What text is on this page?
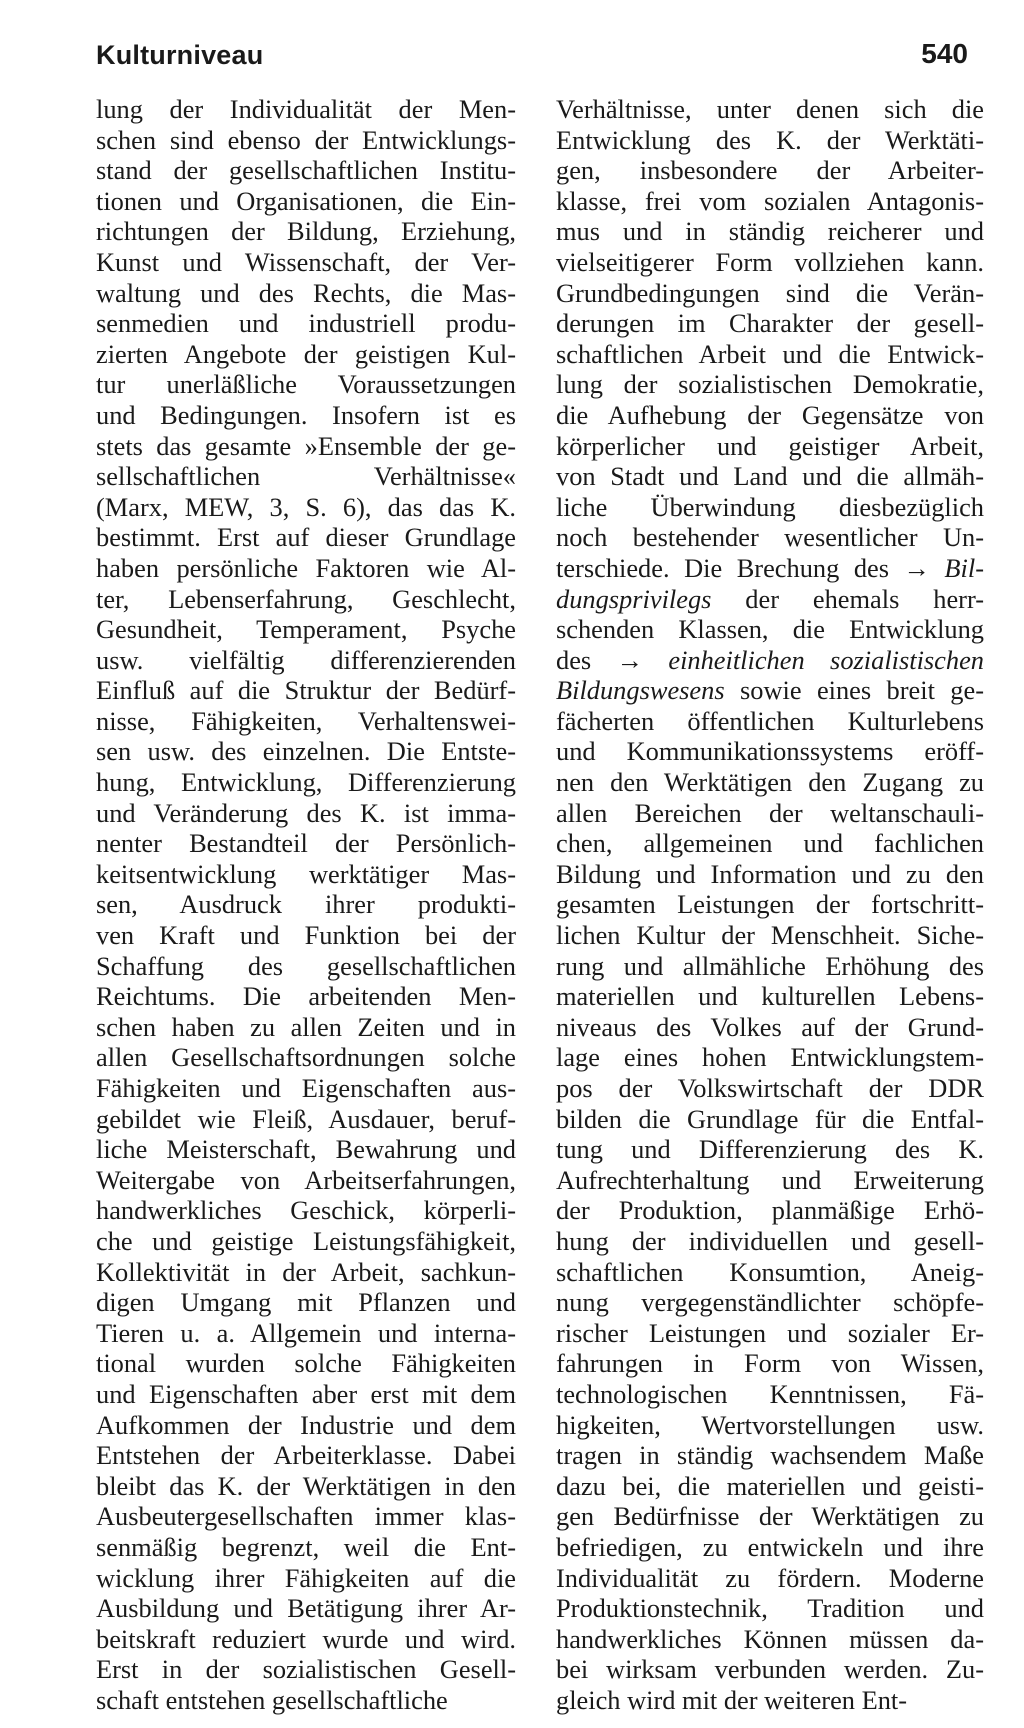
Kulturniveau	540
lung der Individualität der Men-
schen sind ebenso der Entwicklungs-
stand der gesellschaftlichen Institu-
tionen und Organisationen, die Ein-
richtungen der Bildung, Erziehung,
Kunst und Wissenschaft, der Ver-
waltung und des Rechts, die Mas-
senmedien und industriell produ-
zierten Angebote der geistigen Kul-
tur unerläßliche Voraussetzungen
und Bedingungen. Insofern ist es
stets das gesamte »Ensemble der ge-
sellschaftlichen Verhältnisse«
(Marx, MEW, 3, S. 6), das das K.
bestimmt. Erst auf dieser Grundlage
haben persönliche Faktoren wie Al-
ter, Lebenserfahrung, Geschlecht,
Gesundheit, Temperament, Psyche
usw. vielfältig differenzierenden
Einfluß auf die Struktur der Bedürf-
nisse, Fähigkeiten, Verhaltenswei-
sen usw. des einzelnen. Die Entste-
hung, Entwicklung, Differenzierung
und Veränderung des K. ist imma-
nenter Bestandteil der Persönlich-
keitsentwicklung werktätiger Mas-
sen, Ausdruck ihrer produkti-
ven Kraft und Funktion bei der
Schaffung des gesellschaftlichen
Reichtums. Die arbeitenden Men-
schen haben zu allen Zeiten und in
allen Gesellschaftsordnungen solche
Fähigkeiten und Eigenschaften aus-
gebildet wie Fleiß, Ausdauer, beruf-
liche Meisterschaft, Bewahrung und
Weitergabe von Arbeitserfahrungen,
handwerkliches Geschick, körperli-
che und geistige Leistungsfähigkeit,
Kollektivität in der Arbeit, sachkun-
digen Umgang mit Pflanzen und
Tieren u. a. Allgemein und interna-
tional wurden solche Fähigkeiten
und Eigenschaften aber erst mit dem
Aufkommen der Industrie und dem
Entstehen der Arbeiterklasse. Dabei
bleibt das K. der Werktätigen in den
Ausbeutergesellschaften immer klas-
senmäßig begrenzt, weil die Ent-
wicklung ihrer Fähigkeiten auf die
Ausbildung und Betätigung ihrer Ar-
beitskraft reduziert wurde und wird.
Erst in der sozialistischen Gesell-
schaft entstehen gesellschaftliche
Verhältnisse, unter denen sich die
Entwicklung des K. der Werktäti-
gen, insbesondere der Arbeiter-
klasse, frei vom sozialen Antagonis-
mus und in ständig reicherer und
vielseitigerer Form vollziehen kann.
Grundbedingungen sind die Verän-
derungen im Charakter der gesell-
schaftlichen Arbeit und die Entwick-
lung der sozialistischen Demokratie,
die Aufhebung der Gegensätze von
körperlicher und geistiger Arbeit,
von Stadt und Land und die allmäh-
liche Überwindung diesbezüglich
noch bestehender wesentlicher Un-
terschiede. Die Brechung des → Bil-
dungsprivilegs der ehemals herr-
schenden Klassen, die Entwicklung
des → einheitlichen sozialistischen
Bildungswesens sowie eines breit ge-
fächerten öffentlichen Kulturlebens
und Kommunikationssystems eröff-
nen den Werktätigen den Zugang zu
allen Bereichen der weltanschauli-
chen, allgemeinen und fachlichen
Bildung und Information und zu den
gesamten Leistungen der fortschritt-
lichen Kultur der Menschheit. Siche-
rung und allmähliche Erhöhung des
materiellen und kulturellen Lebens-
niveaus des Volkes auf der Grund-
lage eines hohen Entwicklungstem-
pos der Volkswirtschaft der DDR
bilden die Grundlage für die Entfal-
tung und Differenzierung des K.
Aufrechterhaltung und Erweiterung
der Produktion, planmäßige Erhö-
hung der individuellen und gesell-
schaftlichen Konsumtion, Aneig-
nung vergegenständlichter schöpfe-
rischer Leistungen und sozialer Er-
fahrungen in Form von Wissen,
technologischen Kenntnissen, Fä-
higkeiten, Wertvorstellungen usw.
tragen in ständig wachsendem Maße
dazu bei, die materiellen und geisti-
gen Bedürfnisse der Werktätigen zu
befriedigen, zu entwickeln und ihre
Individualität zu fördern. Moderne
Produktionstechnik, Tradition und
handwerkliches Können müssen da-
bei wirksam verbunden werden. Zu-
gleich wird mit der weiteren Ent-
